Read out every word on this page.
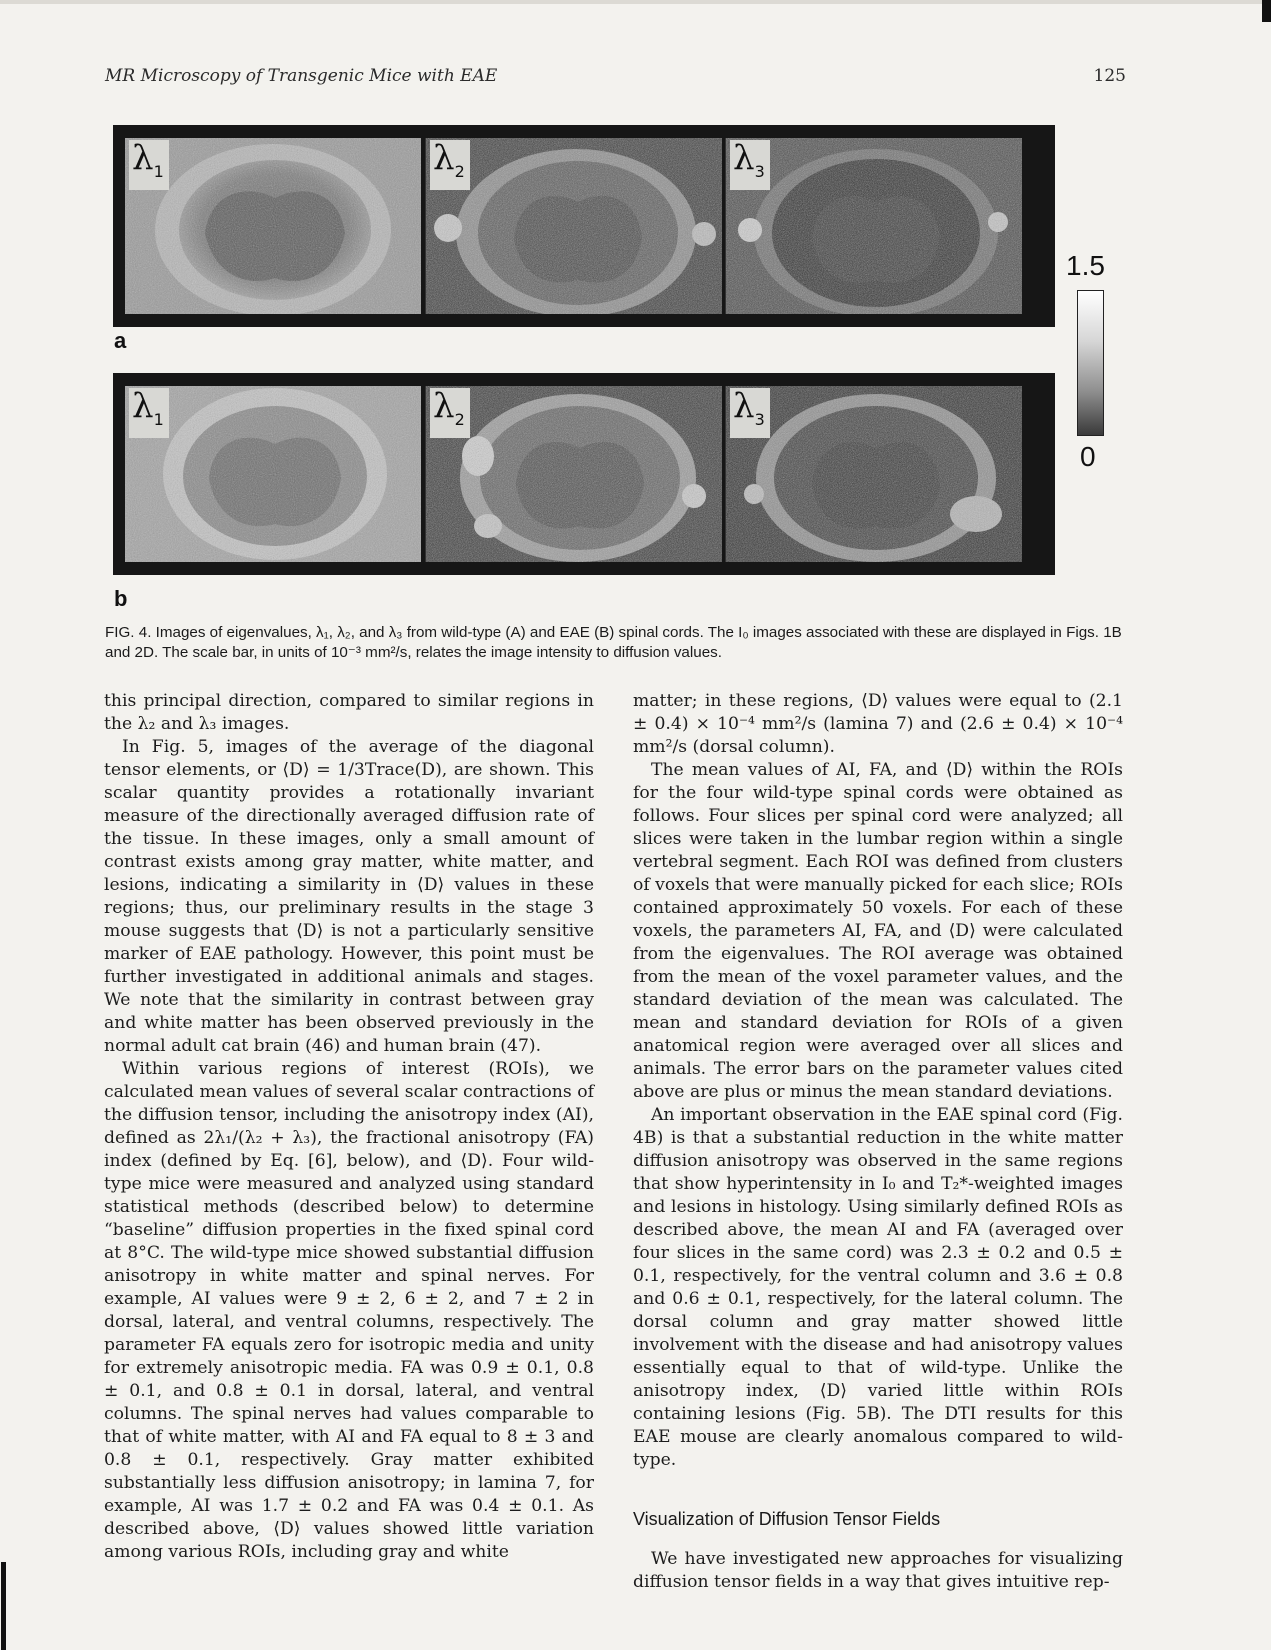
MR Microscopy of Transgenic Mice with EAE	125
$\lambda_1$	$\lambda_2$	$\lambda_3$
a
$\lambda_1$	$\lambda_2$	$\lambda_3$
b
1.5
0
FIG. 4. Images of eigenvalues, λ₁, λ₂, and λ₃ from wild-type (A) and EAE (B) spinal cords. The I₀ images associated with these are displayed in Figs. 1B and 2D. The scale bar, in units of 10⁻³ mm²/s, relates the image intensity to diffusion values.

this principal direction, compared to similar regions in the λ₂ and λ₃ images.

In Fig. 5, images of the average of the diagonal tensor elements, or ⟨D⟩ = 1/3Trace(D), are shown. This scalar quantity provides a rotationally invariant measure of the directionally averaged diffusion rate of the tissue. In these images, only a small amount of contrast exists among gray matter, white matter, and lesions, indicating a similarity in ⟨D⟩ values in these regions; thus, our preliminary results in the stage 3 mouse suggests that ⟨D⟩ is not a particularly sensitive marker of EAE pathology. However, this point must be further investigated in additional animals and stages. We note that the similarity in contrast between gray and white matter has been observed previously in the normal adult cat brain (46) and human brain (47).

Within various regions of interest (ROIs), we calculated mean values of several scalar contractions of the diffusion tensor, including the anisotropy index (AI), defined as 2λ₁/(λ₂ + λ₃), the fractional anisotropy (FA) index (defined by Eq. [6], below), and ⟨D⟩. Four wild-type mice were measured and analyzed using standard statistical methods (described below) to determine “baseline” diffusion properties in the fixed spinal cord at 8°C. The wild-type mice showed substantial diffusion anisotropy in white matter and spinal nerves. For example, AI values were 9 ± 2, 6 ± 2, and 7 ± 2 in dorsal, lateral, and ventral columns, respectively. The parameter FA equals zero for isotropic media and unity for extremely anisotropic media. FA was 0.9 ± 0.1, 0.8 ± 0.1, and 0.8 ± 0.1 in dorsal, lateral, and ventral columns. The spinal nerves had values comparable to that of white matter, with AI and FA equal to 8 ± 3 and 0.8 ± 0.1, respectively. Gray matter exhibited substantially less diffusion anisotropy; in lamina 7, for example, AI was 1.7 ± 0.2 and FA was 0.4 ± 0.1. As described above, ⟨D⟩ values showed little variation among various ROIs, including gray and white

matter; in these regions, ⟨D⟩ values were equal to (2.1 ± 0.4) × 10⁻⁴ mm²/s (lamina 7) and (2.6 ± 0.4) × 10⁻⁴ mm²/s (dorsal column).

The mean values of AI, FA, and ⟨D⟩ within the ROIs for the four wild-type spinal cords were obtained as follows. Four slices per spinal cord were analyzed; all slices were taken in the lumbar region within a single vertebral segment. Each ROI was defined from clusters of voxels that were manually picked for each slice; ROIs contained approximately 50 voxels. For each of these voxels, the parameters AI, FA, and ⟨D⟩ were calculated from the eigenvalues. The ROI average was obtained from the mean of the voxel parameter values, and the standard deviation of the mean was calculated. The mean and standard deviation for ROIs of a given anatomical region were averaged over all slices and animals. The error bars on the parameter values cited above are plus or minus the mean standard deviations.

An important observation in the EAE spinal cord (Fig. 4B) is that a substantial reduction in the white matter diffusion anisotropy was observed in the same regions that show hyperintensity in I₀ and T₂*-weighted images and lesions in histology. Using similarly defined ROIs as described above, the mean AI and FA (averaged over four slices in the same cord) was 2.3 ± 0.2 and 0.5 ± 0.1, respectively, for the ventral column and 3.6 ± 0.8 and 0.6 ± 0.1, respectively, for the lateral column. The dorsal column and gray matter showed little involvement with the disease and had anisotropy values essentially equal to that of wild-type. Unlike the anisotropy index, ⟨D⟩ varied little within ROIs containing lesions (Fig. 5B). The DTI results for this EAE mouse are clearly anomalous compared to wild-type.

Visualization of Diffusion Tensor Fields

We have investigated new approaches for visualizing diffusion tensor fields in a way that gives intuitive rep-
